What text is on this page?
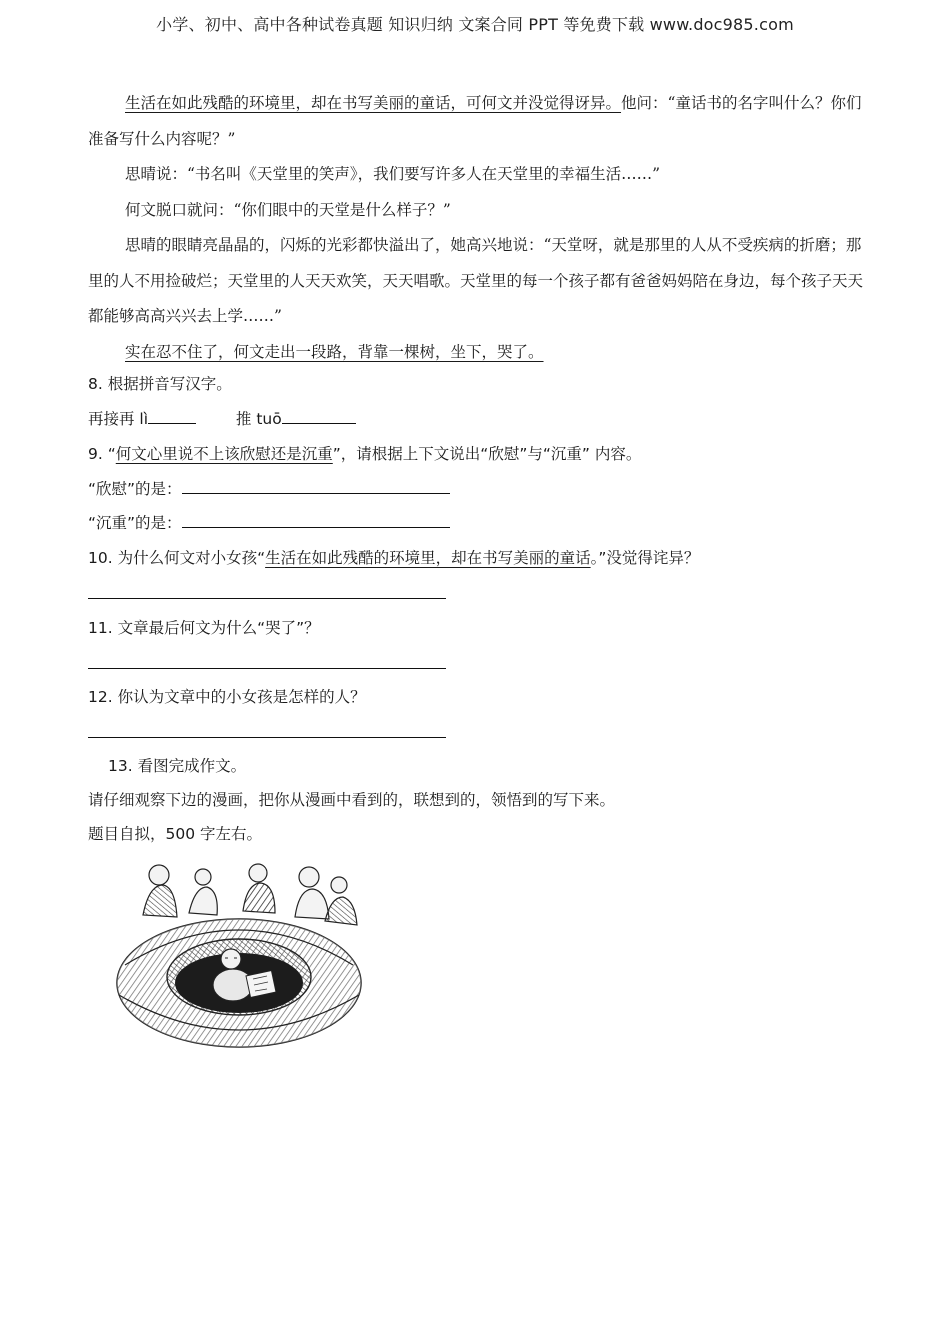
小学、初中、高中各种试卷真题 知识归纳 文案合同 PPT 等免费下载 www.doc985.com

生活在如此残酷的环境里，却在书写美丽的童话，可何文并没觉得讶异。他问：“童话书的名字叫什么？你们准备写什么内容呢？”

思晴说：“书名叫《天堂里的笑声》，我们要写许多人在天堂里的幸福生活……”

何文脱口就问：“你们眼中的天堂是什么样子？”

思晴的眼睛亮晶晶的，闪烁的光彩都快溢出了，她高兴地说：“天堂呀，就是那里的人从不受疾病的折磨；那里的人不用捡破烂；天堂里的人天天欢笑，天天唱歌。天堂里的每一个孩子都有爸爸妈妈陪在身边，每个孩子天天都能够高高兴兴去上学……”

实在忍不住了，何文走出一段路，背靠一棵树，坐下，哭了。

8. 根据拼音写汉字。
再接再 lì	推 tuō
9. “何文心里说不上该欣慰还是沉重”，请根据上下文说出“欣慰”与“沉重” 内容。
“欣慰”的是：
“沉重”的是：
10. 为什么何文对小女孩“生活在如此残酷的环境里，却在书写美丽的童话。”没觉得诧异？
11. 文章最后何文为什么“哭了”？
12. 你认为文章中的小女孩是怎样的人？
13. 看图完成作文。
请仔细观察下边的漫画，把你从漫画中看到的，联想到的，领悟到的写下来。
题目自拟，500 字左右。
